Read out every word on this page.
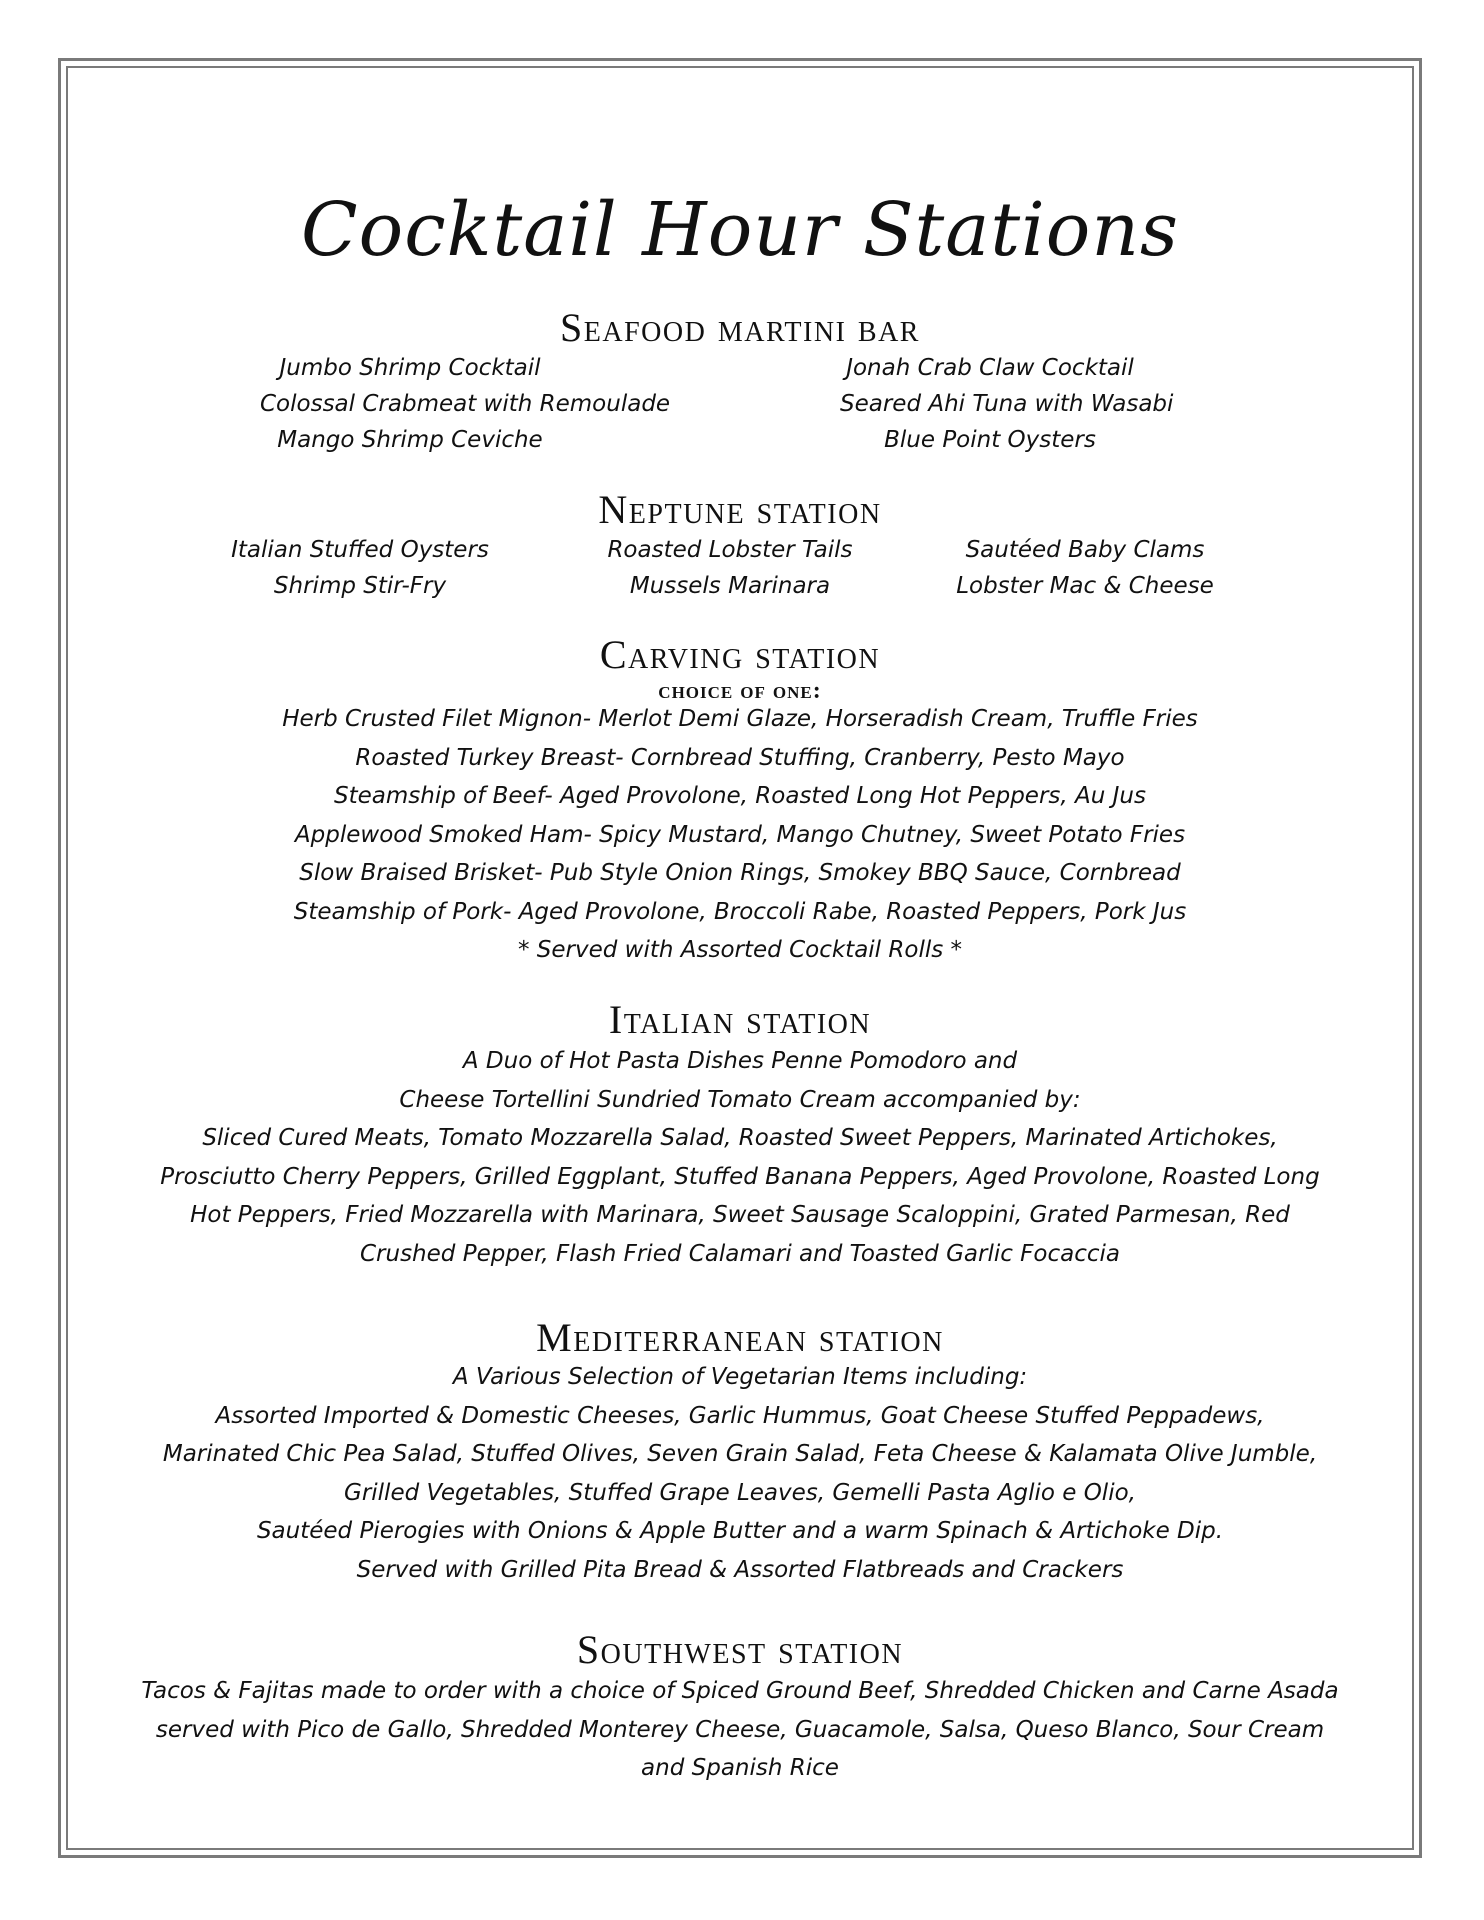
Cocktail Hour Stations
Seafood martini bar
Jumbo Shrimp Cocktail
Colossal Crabmeat with Remoulade
Mango Shrimp Ceviche
Jonah Crab Claw Cocktail
Seared Ahi Tuna with Wasabi
Blue Point Oysters
Neptune station
Italian Stuffed Oysters
Shrimp Stir-Fry
Roasted Lobster Tails
Mussels Marinara
Sautéed Baby Clams
Lobster Mac & Cheese
Carving station
choice of one:
Herb Crusted Filet Mignon- Merlot Demi Glaze, Horseradish Cream, Truffle Fries
Roasted Turkey Breast- Cornbread Stuffing, Cranberry, Pesto Mayo
Steamship of Beef- Aged Provolone, Roasted Long Hot Peppers, Au Jus
Applewood Smoked Ham- Spicy Mustard, Mango Chutney, Sweet Potato Fries
Slow Braised Brisket- Pub Style Onion Rings, Smokey BBQ Sauce, Cornbread
Steamship of Pork- Aged Provolone, Broccoli Rabe, Roasted Peppers, Pork Jus
* Served with Assorted Cocktail Rolls *
Italian station
A Duo of Hot Pasta Dishes Penne Pomodoro and
Cheese Tortellini Sundried Tomato Cream accompanied by:
Sliced Cured Meats, Tomato Mozzarella Salad, Roasted Sweet Peppers, Marinated Artichokes,
Prosciutto Cherry Peppers, Grilled Eggplant, Stuffed Banana Peppers, Aged Provolone, Roasted Long
Hot Peppers, Fried Mozzarella with Marinara, Sweet Sausage Scaloppini, Grated Parmesan, Red
Crushed Pepper, Flash Fried Calamari and Toasted Garlic Focaccia
Mediterranean station
A Various Selection of Vegetarian Items including:
Assorted Imported & Domestic Cheeses, Garlic Hummus, Goat Cheese Stuffed Peppadews,
Marinated Chic Pea Salad, Stuffed Olives, Seven Grain Salad, Feta Cheese & Kalamata Olive Jumble,
Grilled Vegetables, Stuffed Grape Leaves, Gemelli Pasta Aglio e Olio,
Sautéed Pierogies with Onions & Apple Butter and a warm Spinach & Artichoke Dip.
Served with Grilled Pita Bread & Assorted Flatbreads and Crackers
Southwest station
Tacos & Fajitas made to order with a choice of Spiced Ground Beef, Shredded Chicken and Carne Asada
served with Pico de Gallo, Shredded Monterey Cheese, Guacamole, Salsa, Queso Blanco, Sour Cream
and Spanish Rice
